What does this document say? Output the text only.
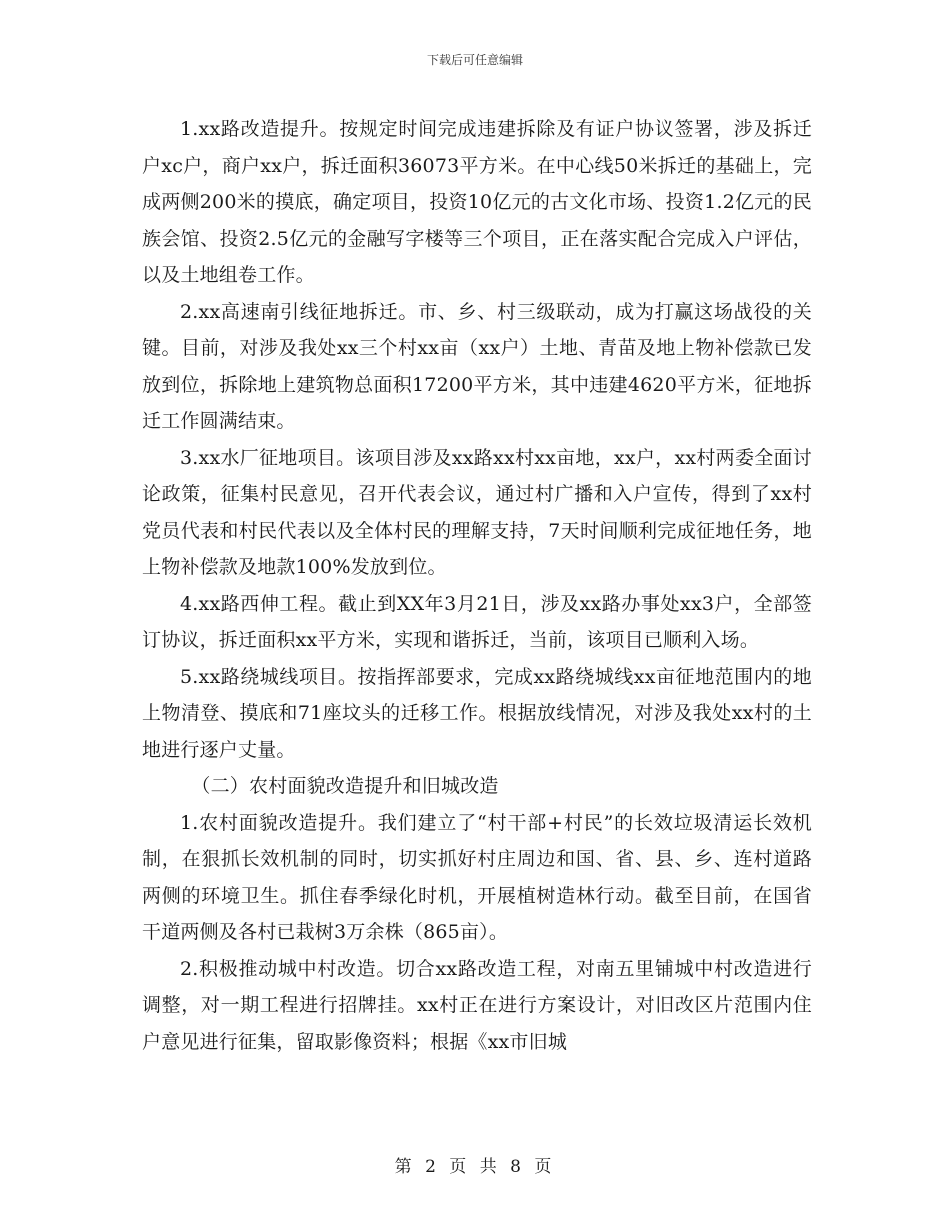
下载后可任意编辑

1.xx路改造提升。按规定时间完成违建拆除及有证户协议签署，涉及拆迁户xc户，商户xx户，拆迁面积36073平方米。在中心线50米拆迁的基础上，完成两侧200米的摸底，确定项目，投资10亿元的古文化市场、投资1.2亿元的民族会馆、投资2.5亿元的金融写字楼等三个项目，正在落实配合完成入户评估，以及土地组卷工作。

2.xx高速南引线征地拆迁。市、乡、村三级联动，成为打赢这场战役的关键。目前，对涉及我处xx三个村xx亩（xx户）土地、青苗及地上物补偿款已发放到位，拆除地上建筑物总面积17200平方米，其中违建4620平方米，征地拆迁工作圆满结束。

3.xx水厂征地项目。该项目涉及xx路xx村xx亩地，xx户，xx村两委全面讨论政策，征集村民意见，召开代表会议，通过村广播和入户宣传，得到了xx村党员代表和村民代表以及全体村民的理解支持，7天时间顺利完成征地任务，地上物补偿款及地款100%发放到位。

4.xx路西伸工程。截止到XX年3月21日，涉及xx路办事处xx3户，全部签订协议，拆迁面积xx平方米，实现和谐拆迁，当前，该项目已顺利入场。

5.xx路绕城线项目。按指挥部要求，完成xx路绕城线xx亩征地范围内的地上物清登、摸底和71座坟头的迁移工作。根据放线情况，对涉及我处xx村的土地进行逐户丈量。

（二）农村面貌改造提升和旧城改造

1.农村面貌改造提升。我们建立了“村干部+村民”的长效垃圾清运长效机制，在狠抓长效机制的同时，切实抓好村庄周边和国、省、县、乡、连村道路两侧的环境卫生。抓住春季绿化时机，开展植树造林行动。截至目前，在国省干道两侧及各村已栽树3万余株（865亩）。

2.积极推动城中村改造。切合xx路改造工程，对南五里铺城中村改造进行调整，对一期工程进行招牌挂。xx村正在进行方案设计，对旧改区片范围内住户意见进行征集，留取影像资料；根据《xx市旧城

第 2 页 共 8 页
